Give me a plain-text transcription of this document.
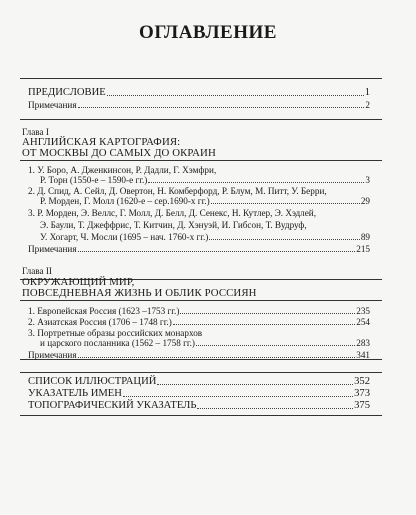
ОГЛАВЛЕНИЕ
ПРЕДИСЛОВИЕ	1
Примечания	2
Глава I
АНГЛИЙСКАЯ КАРТОГРАФИЯ:
ОТ МОСКВЫ ДО САМЫХ ДО ОКРАИН
1. У. Боро, А. Дженкинсон, Р. Дадли, Г. Хэмфри,
Р. Торн (1550-е – 1590-е гг.)	3
2. Д. Спид, А. Сейл, Д. Овертон, Н. Комберфорд, Р. Блум, М. Питт, У. Берри,
Р. Морден, Г. Молл (1620-е – сер.1690-х гг.)	29
3. Р. Морден, Э. Веллс, Г. Молл, Д. Белл, Д. Сенекс, Н. Кутлер, Э. Хэдлей,
Э. Баули, Т. Джеффрис, Т. Китчин, Д. Хэнуэй, И. Гибсон, Т. Вудруф,
У. Хогарт, Ч. Мосли (1695 – нач. 1760-х гг.)	89
Примечания	215
Глава II
ОКРУЖАЮЩИЙ МИР,
ПОВСЕДНЕВНАЯ ЖИЗНЬ И ОБЛИК РОССИЯН
1. Европейская Россия (1623 –1753 гг.)	235
2. Азиатская Россия (1706 – 1748 гг.)	254
3. Портретные образы российских монархов
и царского посланника (1562 – 1758 гг.)	283
Примечания	341
СПИСОК ИЛЛЮСТРАЦИЙ	352
УКАЗАТЕЛЬ ИМЕН	373
ТОПОГРАФИЧЕСКИЙ УКАЗАТЕЛЬ	375
